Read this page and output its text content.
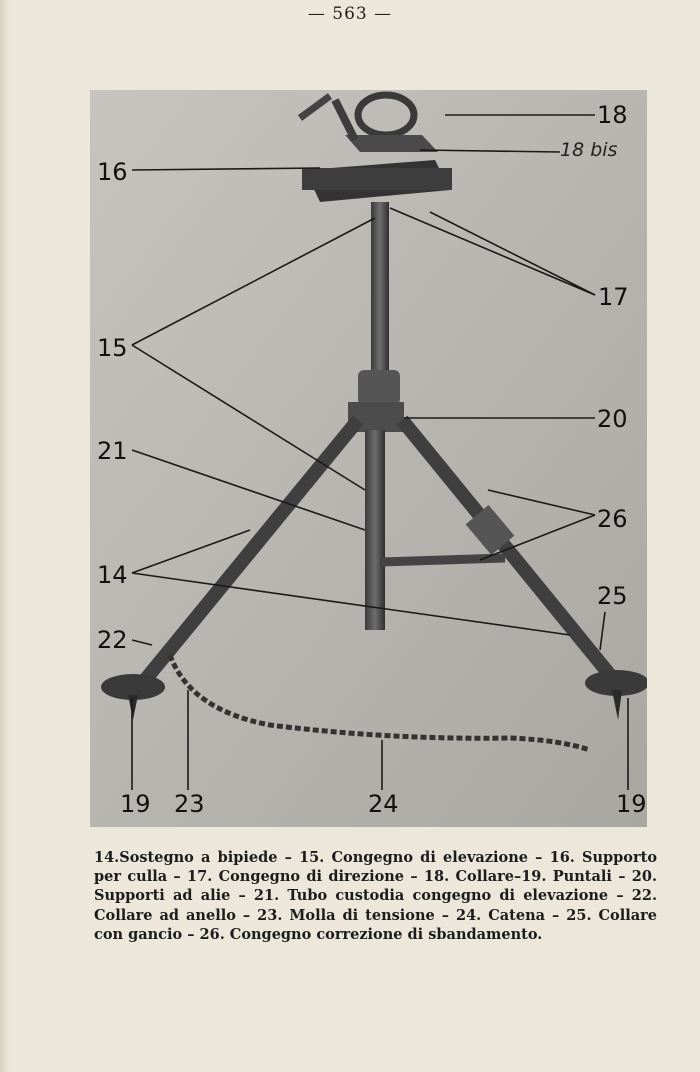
— 563 —
18
18 bis
16
17
15
20
21
26
14
25
22
19 23	24	19
14.Sostegno a bipiede – 15. Congegno di elevazione – 16. Supporto per culla – 17. Congegno di direzione – 18. Collare–19. Puntali – 20. Supporti ad alie – 21. Tubo custodia congegno di elevazione – 22. Collare ad anello – 23. Molla di tensione – 24. Catena – 25. Collare con gancio – 26. Congegno correzione di sbandamento.
